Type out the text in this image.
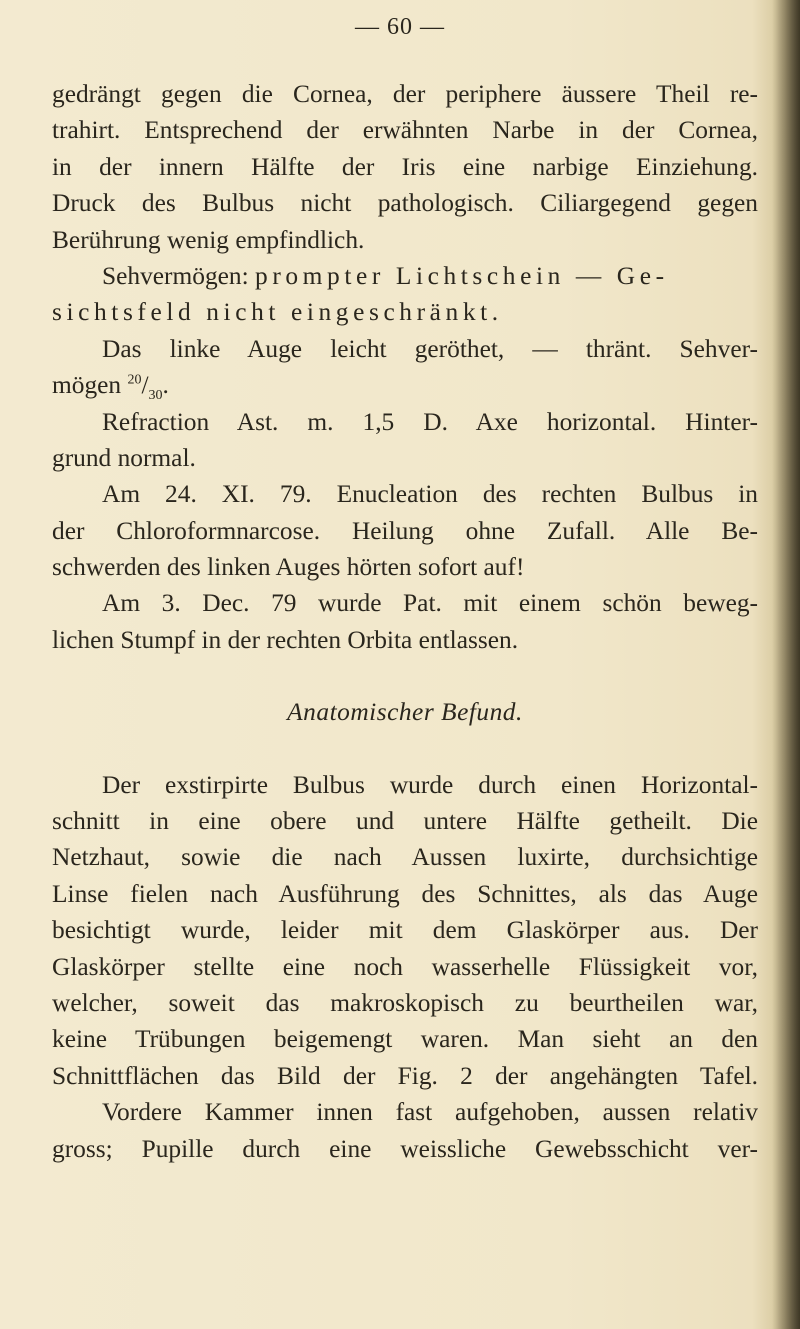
— 60 —
gedrängt gegen die Cornea, der periphere äussere Theil re-
trahirt. Entsprechend der erwähnten Narbe in der Cornea,
in der innern Hälfte der Iris eine narbige Einziehung.
Druck des Bulbus nicht pathologisch. Ciliargegend gegen
Berührung wenig empfindlich.
Sehvermögen: prompter Lichtschein — Ge-
sichtsfeld nicht eingeschränkt.
Das linke Auge leicht geröthet, — thränt. Sehver-
mögen $^{20}/_{30}$.
Refraction Ast. m. 1,5 D. Axe horizontal. Hinter-
grund normal.
Am 24. XI. 79. Enucleation des rechten Bulbus in
der Chloroformnarcose. Heilung ohne Zufall. Alle Be-
schwerden des linken Auges hörten sofort auf!
Am 3. Dec. 79 wurde Pat. mit einem schön beweg-
lichen Stumpf in der rechten Orbita entlassen.
Anatomischer Befund.
Der exstirpirte Bulbus wurde durch einen Horizontal-
schnitt in eine obere und untere Hälfte getheilt. Die
Netzhaut, sowie die nach Aussen luxirte, durchsichtige
Linse fielen nach Ausführung des Schnittes, als das Auge
besichtigt wurde, leider mit dem Glaskörper aus. Der
Glaskörper stellte eine noch wasserhelle Flüssigkeit vor,
welcher, soweit das makroskopisch zu beurtheilen war,
keine Trübungen beigemengt waren. Man sieht an den
Schnittflächen das Bild der Fig. 2 der angehängten Tafel.
Vordere Kammer innen fast aufgehoben, aussen relativ
gross; Pupille durch eine weissliche Gewebsschicht ver-
